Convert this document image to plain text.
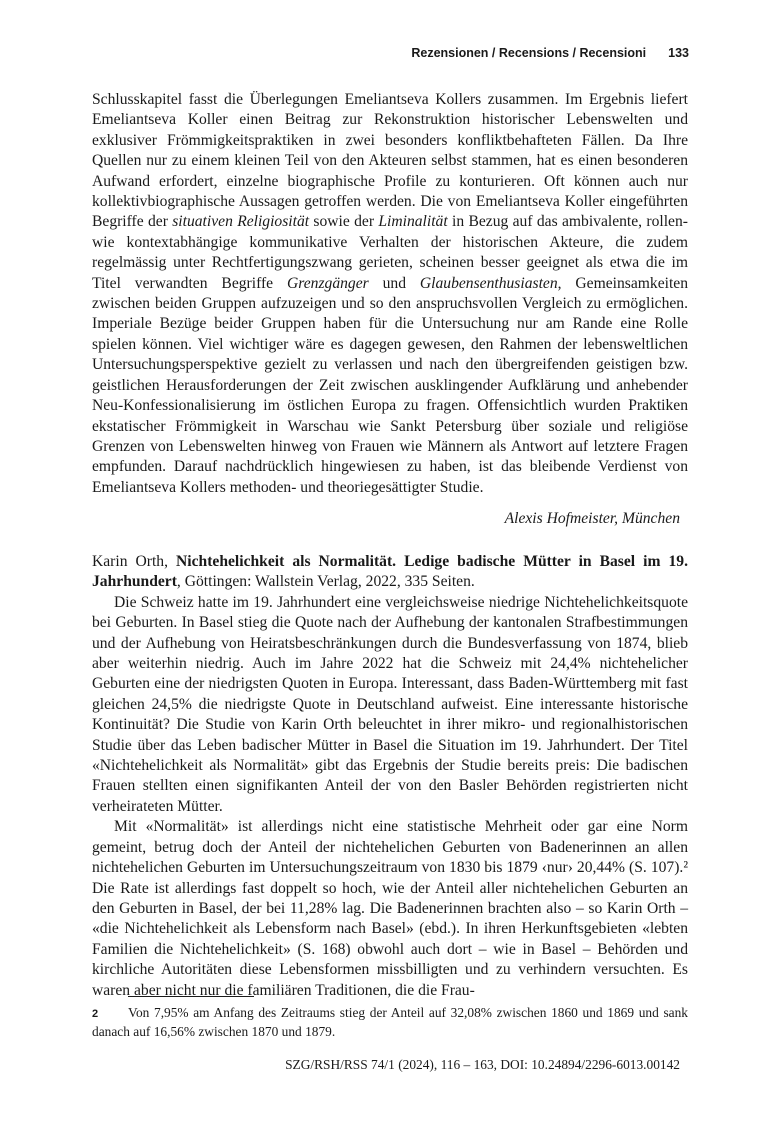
Rezensionen / Recensions / Recensioni 133

Schlusskapitel fasst die Überlegungen Emeliantseva Kollers zusammen. Im Ergebnis liefert Emeliantseva Koller einen Beitrag zur Rekonstruktion historischer Lebenswelten und exklusiver Frömmigkeitspraktiken in zwei besonders konfliktbehafteten Fällen. Da Ihre Quellen nur zu einem kleinen Teil von den Akteuren selbst stammen, hat es einen besonderen Aufwand erfordert, einzelne biographische Profile zu konturieren. Oft können auch nur kollektivbiographische Aussagen getroffen werden. Die von Emeliantseva Koller eingeführten Begriffe der situativen Religiosität sowie der Liminalität in Bezug auf das ambivalente, rollen- wie kontextabhängige kommunikative Verhalten der historischen Akteure, die zudem regelmässig unter Rechtfertigungszwang gerieten, scheinen besser geeignet als etwa die im Titel verwandten Begriffe Grenzgänger und Glaubensenthusiasten, Gemeinsamkeiten zwischen beiden Gruppen aufzuzeigen und so den anspruchsvollen Vergleich zu ermöglichen. Imperiale Bezüge beider Gruppen haben für die Untersuchung nur am Rande eine Rolle spielen können. Viel wichtiger wäre es dagegen gewesen, den Rahmen der lebensweltlichen Untersuchungsperspektive gezielt zu verlassen und nach den übergreifenden geistigen bzw. geistlichen Herausforderungen der Zeit zwischen ausklingender Aufklärung und anhebender Neu-Konfessionalisierung im östlichen Europa zu fragen. Offensichtlich wurden Praktiken ekstatischer Frömmigkeit in Warschau wie Sankt Petersburg über soziale und religiöse Grenzen von Lebenswelten hinweg von Frauen wie Männern als Antwort auf letztere Fragen empfunden. Darauf nachdrücklich hingewiesen zu haben, ist das bleibende Verdienst von Emeliantseva Kollers methoden- und theoriegesättigter Studie.

Alexis Hofmeister, München

Karin Orth, Nichtehelichkeit als Normalität. Ledige badische Mütter in Basel im 19. Jahrhundert, Göttingen: Wallstein Verlag, 2022, 335 Seiten.

Die Schweiz hatte im 19. Jahrhundert eine vergleichsweise niedrige Nichtehelichkeitsquote bei Geburten. In Basel stieg die Quote nach der Aufhebung der kantonalen Strafbestimmungen und der Aufhebung von Heiratsbeschränkungen durch die Bundesverfassung von 1874, blieb aber weiterhin niedrig. Auch im Jahre 2022 hat die Schweiz mit 24,4% nichtehelicher Geburten eine der niedrigsten Quoten in Europa. Interessant, dass Baden-Württemberg mit fast gleichen 24,5% die niedrigste Quote in Deutschland aufweist. Eine interessante historische Kontinuität? Die Studie von Karin Orth beleuchtet in ihrer mikro- und regionalhistorischen Studie über das Leben badischer Mütter in Basel die Situation im 19. Jahrhundert. Der Titel «Nichtehelichkeit als Normalität» gibt das Ergebnis der Studie bereits preis: Die badischen Frauen stellten einen signifikanten Anteil der von den Basler Behörden registrierten nicht verheirateten Mütter.

Mit «Normalität» ist allerdings nicht eine statistische Mehrheit oder gar eine Norm gemeint, betrug doch der Anteil der nichtehelichen Geburten von Badenerinnen an allen nichtehelichen Geburten im Untersuchungszeitraum von 1830 bis 1879 ‹nur› 20,44% (S. 107).² Die Rate ist allerdings fast doppelt so hoch, wie der Anteil aller nichtehelichen Geburten an den Geburten in Basel, der bei 11,28% lag. Die Badenerinnen brachten also – so Karin Orth – «die Nichtehelichkeit als Lebensform nach Basel» (ebd.). In ihren Herkunftsgebieten «lebten Familien die Nichtehelichkeit» (S. 168) obwohl auch dort – wie in Basel – Behörden und kirchliche Autoritäten diese Lebensformen missbilligten und zu verhindern versuchten. Es waren aber nicht nur die familiären Traditionen, die die Frau-

2 Von 7,95% am Anfang des Zeitraums stieg der Anteil auf 32,08% zwischen 1860 und 1869 und sank danach auf 16,56% zwischen 1870 und 1879.
SZG/RSH/RSS 74/1 (2024), 116 – 163, DOI: 10.24894/2296-6013.00142
